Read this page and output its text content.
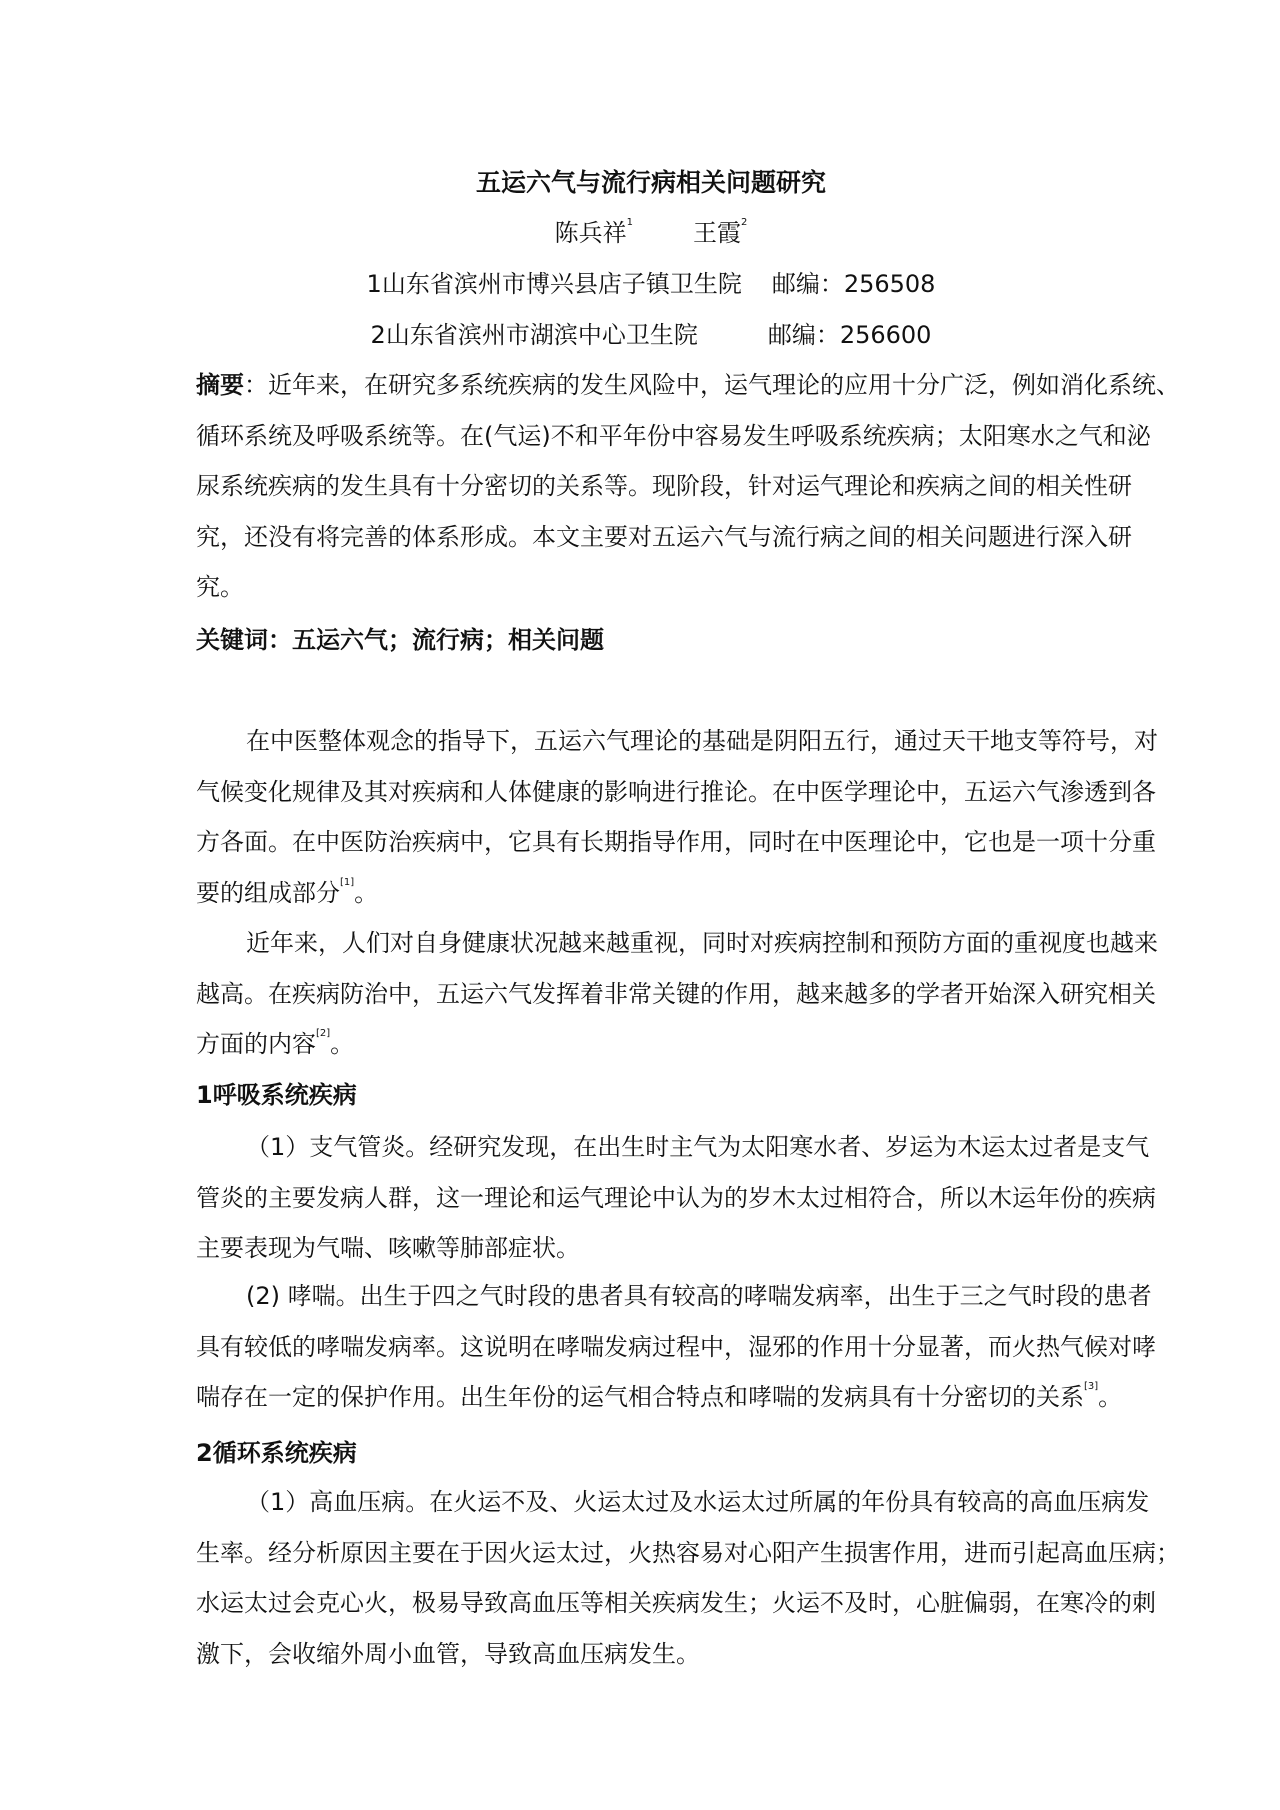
五运六气与流行病相关问题研究
陈兵祥$^1$	王霞$^2$
1山东省滨州市博兴县店子镇卫生院 邮编：256508
2山东省滨州市湖滨中心卫生院	邮编：256600
摘要：近年来，在研究多系统疾病的发生风险中，运气理论的应用十分广泛，例如消化系统、
循环系统及呼吸系统等。在(气运)不和平年份中容易发生呼吸系统疾病；太阳寒水之气和泌
尿系统疾病的发生具有十分密切的关系等。现阶段，针对运气理论和疾病之间的相关性研
究，还没有将完善的体系形成。本文主要对五运六气与流行病之间的相关问题进行深入研
究。
关键词：五运六气；流行病；相关问题
在中医整体观念的指导下，五运六气理论的基础是阴阳五行，通过天干地支等符号，对
气候变化规律及其对疾病和人体健康的影响进行推论。在中医学理论中，五运六气渗透到各
方各面。在中医防治疾病中，它具有长期指导作用，同时在中医理论中，它也是一项十分重
要的组成部分[1]。
近年来，人们对自身健康状况越来越重视，同时对疾病控制和预防方面的重视度也越来
越高。在疾病防治中，五运六气发挥着非常关键的作用，越来越多的学者开始深入研究相关
方面的内容[2]。
1呼吸系统疾病
（1）支气管炎。经研究发现，在出生时主气为太阳寒水者、岁运为木运太过者是支气
管炎的主要发病人群，这一理论和运气理论中认为的岁木太过相符合，所以木运年份的疾病
主要表现为气喘、咳嗽等肺部症状。
(2) 哮喘。出生于四之气时段的患者具有较高的哮喘发病率，出生于三之气时段的患者
具有较低的哮喘发病率。这说明在哮喘发病过程中，湿邪的作用十分显著，而火热气候对哮
喘存在一定的保护作用。出生年份的运气相合特点和哮喘的发病具有十分密切的关系[3]。
2循环系统疾病
（1）高血压病。在火运不及、火运太过及水运太过所属的年份具有较高的高血压病发
生率。经分析原因主要在于因火运太过，火热容易对心阳产生损害作用，进而引起高血压病；
水运太过会克心火，极易导致高血压等相关疾病发生；火运不及时，心脏偏弱，在寒冷的刺
激下，会收缩外周小血管，导致高血压病发生。
